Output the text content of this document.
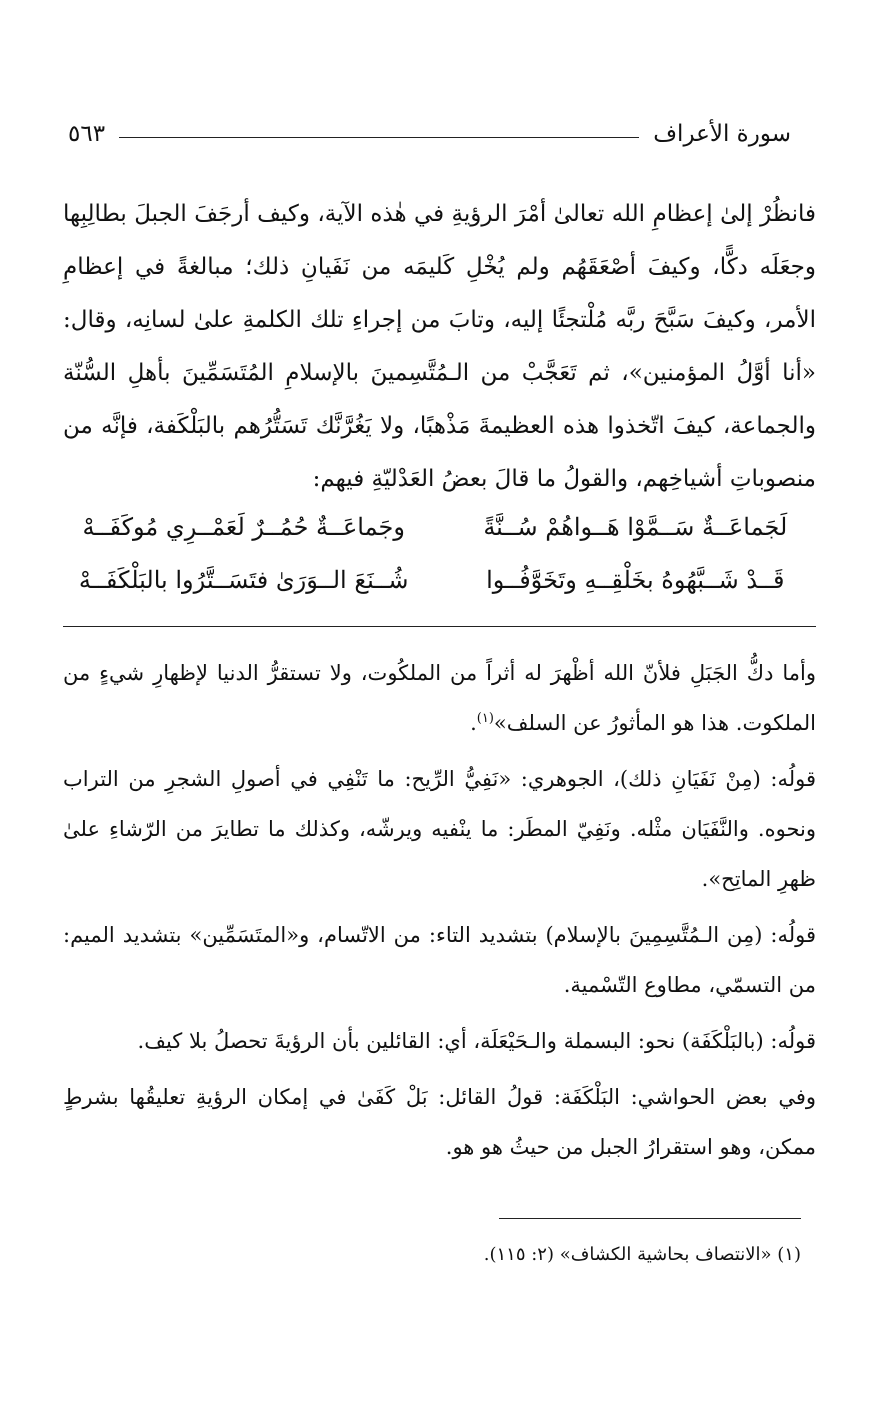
سورة الأعراف
٥٦٣

فانظُرْ إلىٰ إعظامِ الله تعالىٰ أمْرَ الرؤيةِ في هٰذه الآية، وكيف أرجَفَ الجبلَ بطالِبِها وجعَلَه دكًّا، وكيفَ أصْعَقَهُم ولم يُخْلِ كَليمَه من نَفَيانِ ذلك؛ مبالغةً في إعظامِ الأمر، وكيفَ سَبَّحَ ربَّه مُلْتجئًا إليه، وتابَ من إجراءِ تلك الكلمةِ علىٰ لسانِه، وقال: «أنا أوَّلُ المؤمنين»، ثم تَعَجَّبْ من الـمُتَّسِمينَ بالإسلامِ المُتَسَمِّينَ بأهلِ السُّنّة والجماعة، كيفَ اتّخذوا هذه العظيمةَ مَذْهبًا، ولا يَغُرَّنَّك تَسَتُّرُهم بالبَلْكَفة، فإنَّه من منصوباتِ أشياخِهم، والقولُ ما قالَ بعضُ العَدْليّةِ فيهم:

لَجَماعَــةٌ سَــمَّوْا هَــواهُمْ سُــنَّةً
وجَماعَــةٌ حُمُــرٌ لَعَمْــرِي مُوكَفَــهْ
قَــدْ شَــبَّهُوهُ بخَلْقِــهِ وتَخَوَّفُــوا
شُــنَعَ الــوَرَىٰ فتَسَــتَّرُوا بالبَلْكَفَــهْ

وأما دكُّ الجَبَلِ فلأنّ الله أظْهرَ له أثراً من الملكُوت، ولا تستقرُّ الدنيا لإظهارِ شيءٍ من الملكوت. هذا هو المأثورُ عن السلف»$^{(١)}$.

قولُه: (مِنْ نَفَيَانِ ذلك)، الجوهري: «نَفِيُّ الرِّيح: ما تَنْفِي في أصولِ الشجرِ من التراب ونحوه. والنَّفَيَان مثْله. ونَفِيّ المطَر: ما ينْفيه ويرشّه، وكذلك ما تطايرَ من الرّشاءِ علىٰ ظهرِ الماتِح».

قولُه: (مِن الـمُتَّسِمِينَ بالإسلام) بتشديد التاء: من الاتّسام، و«المتَسَمِّين» بتشديد الميم: من التسمّي، مطاوع التّسْمية.

قولُه: (بالبَلْكَفَة) نحو: البسملة والـحَيْعَلَة، أي: القائلين بأن الرؤيةَ تحصلُ بلا كيف.

وفي بعض الحواشي: البَلْكَفَة: قولُ القائل: بَلْ كَفَىٰ في إمكان الرؤيةِ تعليقُها بشرطٍ ممكن، وهو استقرارُ الجبل من حيثُ هو هو.

(١) «الانتصاف بحاشية الكشاف» (٢: ١١٥).
